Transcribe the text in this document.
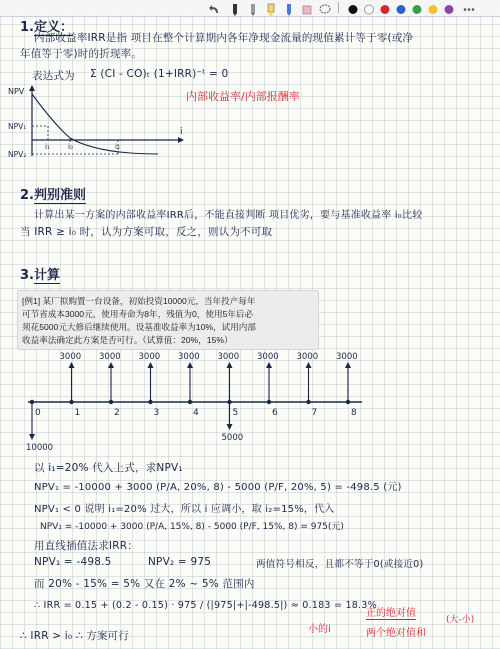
1.定义：
内部收益率IRR是指 项目在整个计算期内各年净现金流量的现值累计等于零(或净
年值等于零)时的折现率。
表达式为 Σ (CI - CO)ₜ (1+IRR)⁻ᵗ = 0
内部收益率/内部报酬率
NPV
i
NPV₁
NPV₂
i₁	i₀	i₂
2.判别准则
计算出某一方案的内部收益率IRR后，不能直接判断 项目优劣，要与基准收益率 i₀比较
当 IRR ≥ i₀ 时，认为方案可取，反之，则认为不可取
3.计算
[例1] 某厂拟购置一台设备，初始投资10000元，当年投产每年
可节省成本3000元，使用寿命为8年，残值为0，使用5年后必
须花5000元大修后继续使用。设基准收益率为10%，试用内部
收益率法确定此方案是否可行。（试算值：20%，15%）
0	1	2	3	4	5	6	7	8
3000 3000 3000 3000 3000 3000 3000 3000
10000
5000
以 i₁=20% 代入上式，求NPV₁
NPV₁ = -10000 + 3000 (P/A, 20%, 8) - 5000 (P/F, 20%, 5) = -498.5 (元)
NPV₁ < 0 说明 i₁=20% 过大，所以 i 应调小，取 i₂=15%，代入
NPV₂ = -10000 + 3000 (P/A, 15%, 8) - 5000 (P/F, 15%, 8) = 975(元)
用直线插值法求IRR：
NPV₁ = -498.5	NPV₂ = 975	两值符号相反，且都不等于0(或接近0)
而 20% - 15% = 5% 又在 2% ~ 5% 范围内
∴ IRR = 0.15 + (0.2 - 0.15) · 975 / (|975|+|-498.5|) ≈ 0.183 = 18.3%
∴ IRR > i₀ ∴ 方案可行
小的i
正的绝对值
两个绝对值和
(大-小)
